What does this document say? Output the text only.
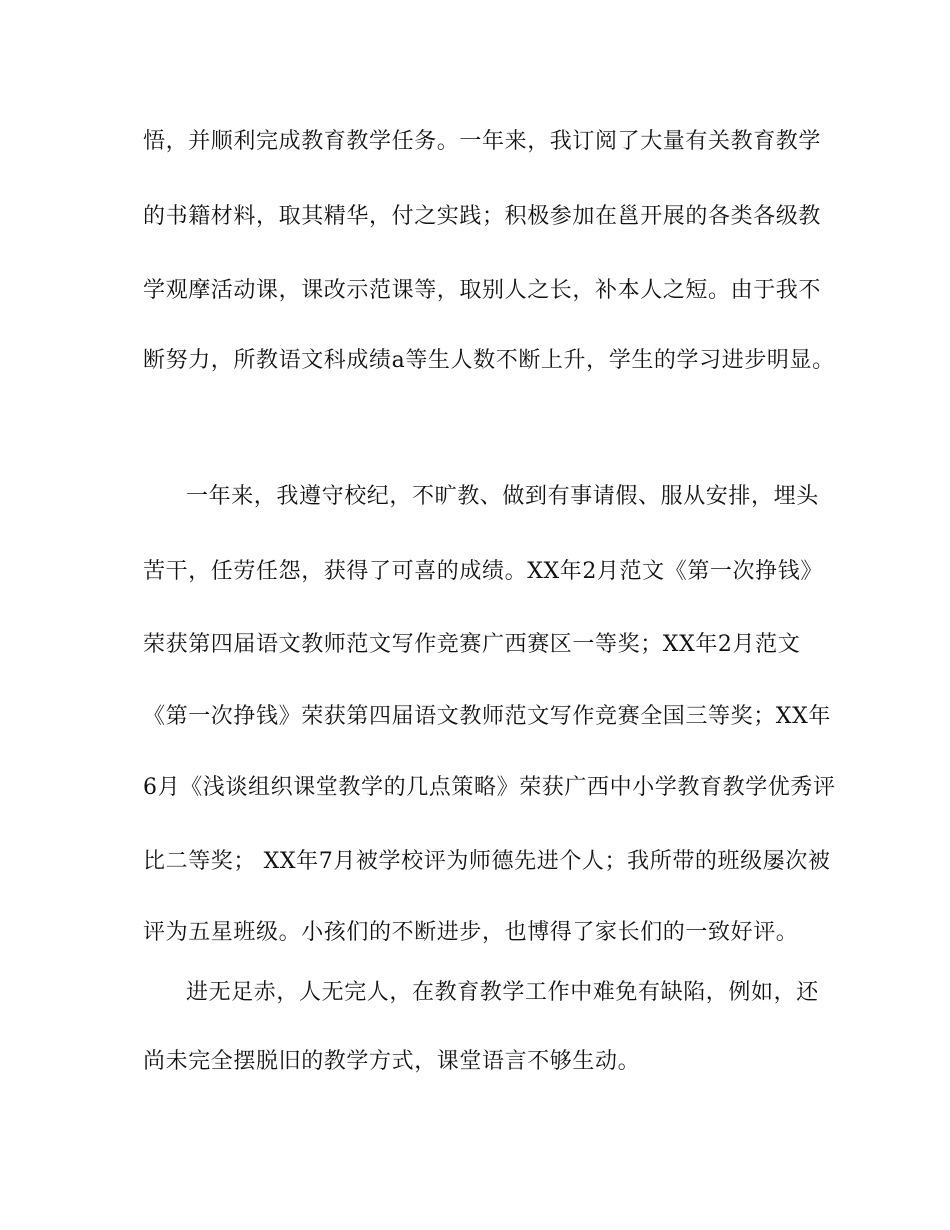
悟，并顺利完成教育教学任务。一年来，我订阅了大量有关教育教学
的书籍材料，取其精华，付之实践；积极参加在邕开展的各类各级教
学观摩活动课，课改示范课等，取别人之长，补本人之短。由于我不
断努力，所教语文科成绩a等生人数不断上升，学生的学习进步明显。
一年来，我遵守校纪，不旷教、做到有事请假、服从安排，埋头
苦干，任劳任怨，获得了可喜的成绩。XX年2月范文《第一次挣钱》
荣获第四届语文教师范文写作竞赛广西赛区一等奖；XX年2月范文
《第一次挣钱》荣获第四届语文教师范文写作竞赛全国三等奖；XX年
6月《浅谈组织课堂教学的几点策略》荣获广西中小学教育教学优秀评
比二等奖； XX年7月被学校评为师德先进个人；我所带的班级屡次被
评为五星班级。小孩们的不断进步，也博得了家长们的一致好评。
进无足赤，人无完人，在教育教学工作中难免有缺陷，例如，还
尚未完全摆脱旧的教学方式，课堂语言不够生动。
